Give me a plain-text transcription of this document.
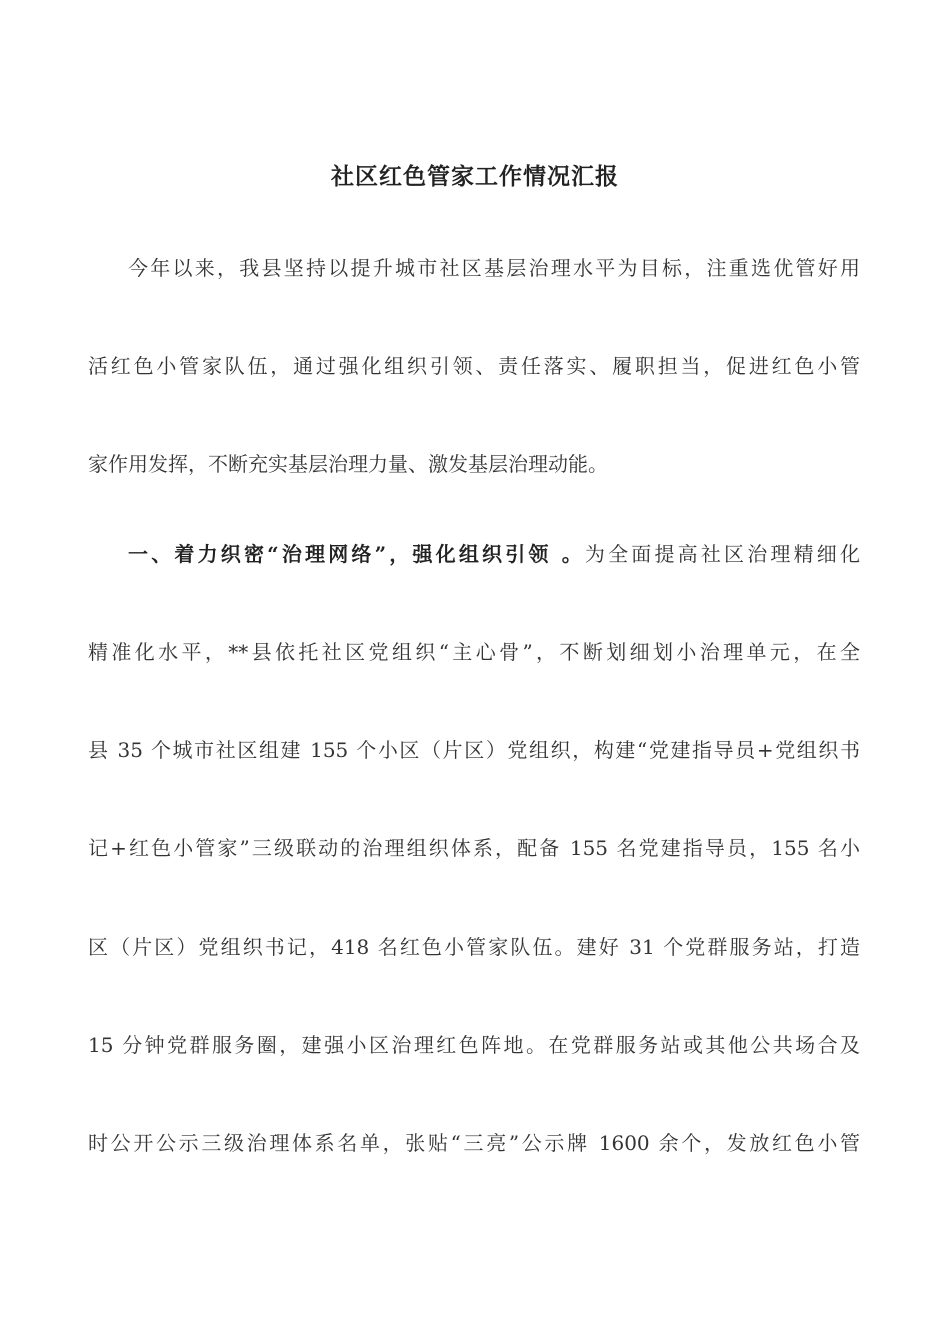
社区红色管家工作情况汇报
今年以来，我县坚持以提升城市社区基层治理水平为目标，注重选优管好用
活红色小管家队伍，通过强化组织引领、责任落实、履职担当，促进红色小管
家作用发挥，不断充实基层治理力量、激发基层治理动能。
一、着力织密“治理网络”，强化组织引领 。为全面提高社区治理精细化
精准化水平，**县依托社区党组织“主心骨”，不断划细划小治理单元，在全
县 35 个城市社区组建 155 个小区（片区）党组织，构建“党建指导员+党组织书
记+红色小管家”三级联动的治理组织体系，配备 155 名党建指导员，155 名小
区（片区）党组织书记，418 名红色小管家队伍。建好 31 个党群服务站，打造
15 分钟党群服务圈，建强小区治理红色阵地。在党群服务站或其他公共场合及
时公开公示三级治理体系名单，张贴“三亮”公示牌 1600 余个，发放红色小管
